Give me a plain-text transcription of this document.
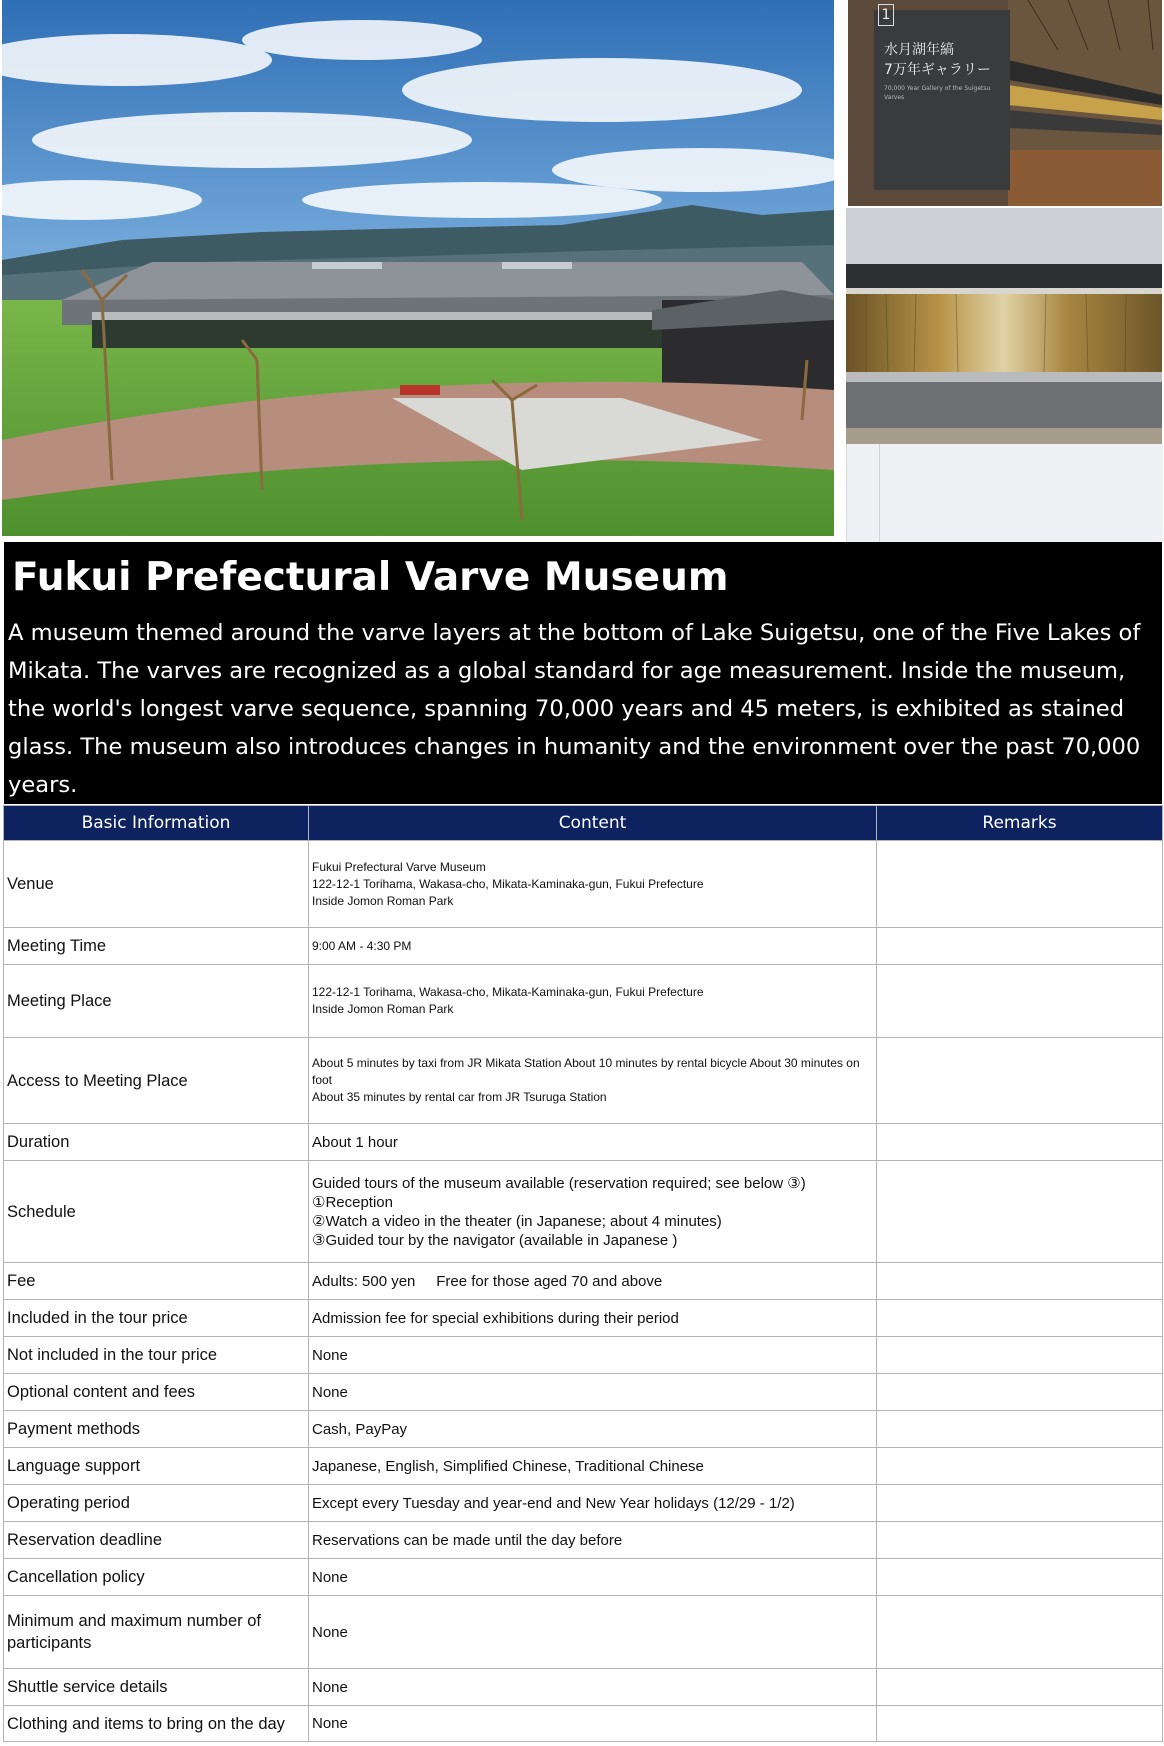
1
水月湖年縞
7万年ギャラリー
70,000 Year Gallery of the Suigetsu Varves
Fukui Prefectural Varve Museum

A museum themed around the varve layers at the bottom of Lake Suigetsu, one of the Five Lakes of Mikata. The varves are recognized as a global standard for age measurement. Inside the museum, the world's longest varve sequence, spanning 70,000 years and 45 meters, is exhibited as stained glass. The museum also introduces changes in humanity and the environment over the past 70,000 years.

Basic Information	Content	Remarks
Venue	Fukui Prefectural Varve Museum
122-12-1 Torihama, Wakasa-cho, Mikata-Kaminaka-gun, Fukui Prefecture
Inside Jomon Roman Park	

Meeting Time	9:00 AM - 4:30 PM	

Meeting Place	122-12-1 Torihama, Wakasa-cho, Mikata-Kaminaka-gun, Fukui Prefecture
Inside Jomon Roman Park	

Access to Meeting Place	About 5 minutes by taxi from JR Mikata Station About 10 minutes by rental bicycle About 30 minutes on foot
About 35 minutes by rental car from JR Tsuruga Station	

Duration	About 1 hour	
Schedule	Guided tours of the museum available (reservation required; see below ③)
①Reception
②Watch a video in the theater (in Japanese; about 4 minutes)
③Guided tour by the navigator (available in Japanese )	

Fee	Adults: 500 yen     Free for those aged 70 and above	
Included in the tour price	Admission fee for special exhibitions during their period	
Not included in the tour price	None	
Optional content and fees	None	
Payment methods	Cash, PayPay	
Language support	Japanese, English, Simplified Chinese, Traditional Chinese	
Operating period	Except every Tuesday and year-end and New Year holidays (12/29 - 1/2)	
Reservation deadline	Reservations can be made until the day before	
Cancellation policy	None	
Minimum and maximum number of participants	None	
Shuttle service details	None	
Clothing and items to bring on the day	None	
